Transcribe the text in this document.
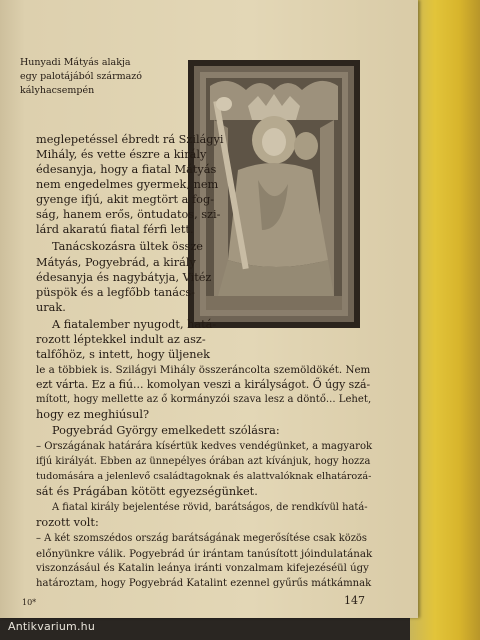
Hunyadi Mátyás alakja
egy palotájából származó
kályhacsempén
meglepetéssel ébredt rá Szilágyi
Mihály, és vette észre a király
édesanyja, hogy a fiatal Mátyás
nem engedelmes gyermek, nem
gyenge ifjú, akit megtört a fog-
ság, hanem erős, öntudatos, szi-
lárd akaratú fiatal férfi lett.
Tanácskozásra ültek össze
Mátyás, Pogyebrád, a király
édesanyja és nagybátyja, Vitéz
püspök és a legfőbb tanács-
urak.
A fiatalember nyugodt, hatá-
rozott léptekkel indult az asz-
talfőhöz, s intett, hogy üljenek
le a többiek is. Szilágyi Mihály összeráncolta szemöldökét. Nem
ezt várta. Ez a fiú... komolyan veszi a királyságot. Ő úgy szá-
mított, hogy mellette az ő kormányzói szava lesz a döntő... Lehet,
hogy ez meghiúsul?
Pogyebrád György emelkedett szólásra:
– Országának határára kísértük kedves vendégünket, a magyarok
ifjú királyát. Ebben az ünnepélyes órában azt kívánjuk, hogy hozza
tudomására a jelenlevő családtagoknak és alattvalóknak elhatározá-
sát és Prágában kötött egyezségünket.
A fiatal király bejelentése rövid, barátságos, de rendkívül hatá-
rozott volt:
– A két szomszédos ország barátságának megerősítése csak közös
előnyünkre válik. Pogyebrád úr irántam tanúsított jóindulatának
viszonzásául és Katalin leánya iránti vonzalmam kifejezéséül úgy
határoztam, hogy Pogyebrád Katalint ezennel gyűrűs mátkámnak
10*	147
Antikvarium.hu
